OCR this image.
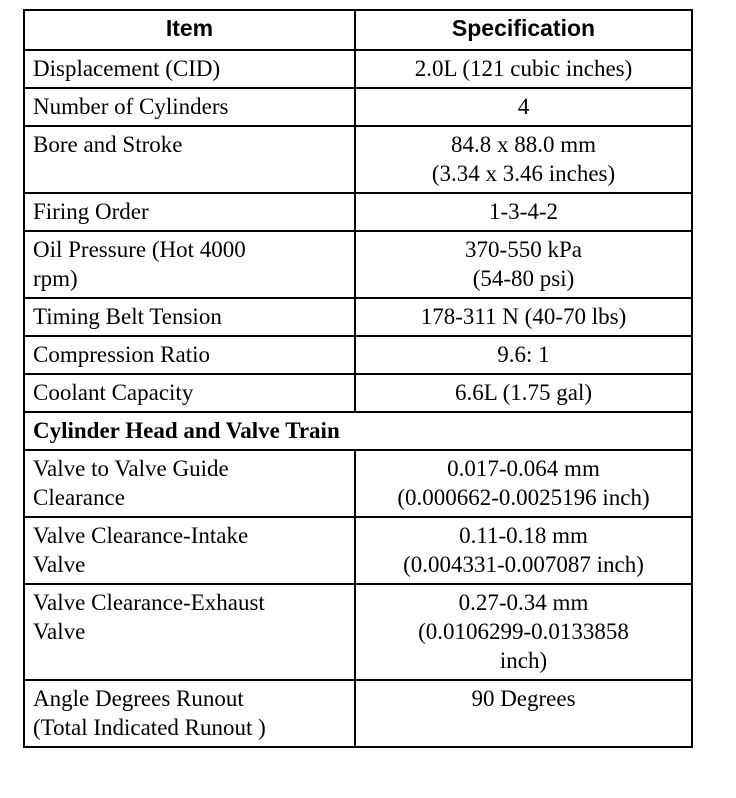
Item	Specification

Displacement (CID)	2.0L (121 cubic inches)

Number of Cylinders	4

Bore and Stroke	84.8 x 88.0 mm
(3.34 x 3.46 inches)

Firing Order	1-3-4-2

Oil Pressure (Hot 4000
rpm)	370-550 kPa
(54-80 psi)

Timing Belt Tension	178-311 N (40-70 lbs)

Compression Ratio	9.6: 1

Coolant Capacity	6.6L (1.75 gal)

Cylinder Head and Valve Train	

Valve to Valve Guide
Clearance	0.017-0.064 mm
(0.000662-0.0025196 inch)

Valve Clearance-Intake
Valve	0.11-0.18 mm
(0.004331-0.007087 inch)

Valve Clearance-Exhaust
Valve	0.27-0.34 mm
(0.0106299-0.0133858
inch)

Angle Degrees Runout
(Total Indicated Runout )	90 Degrees
